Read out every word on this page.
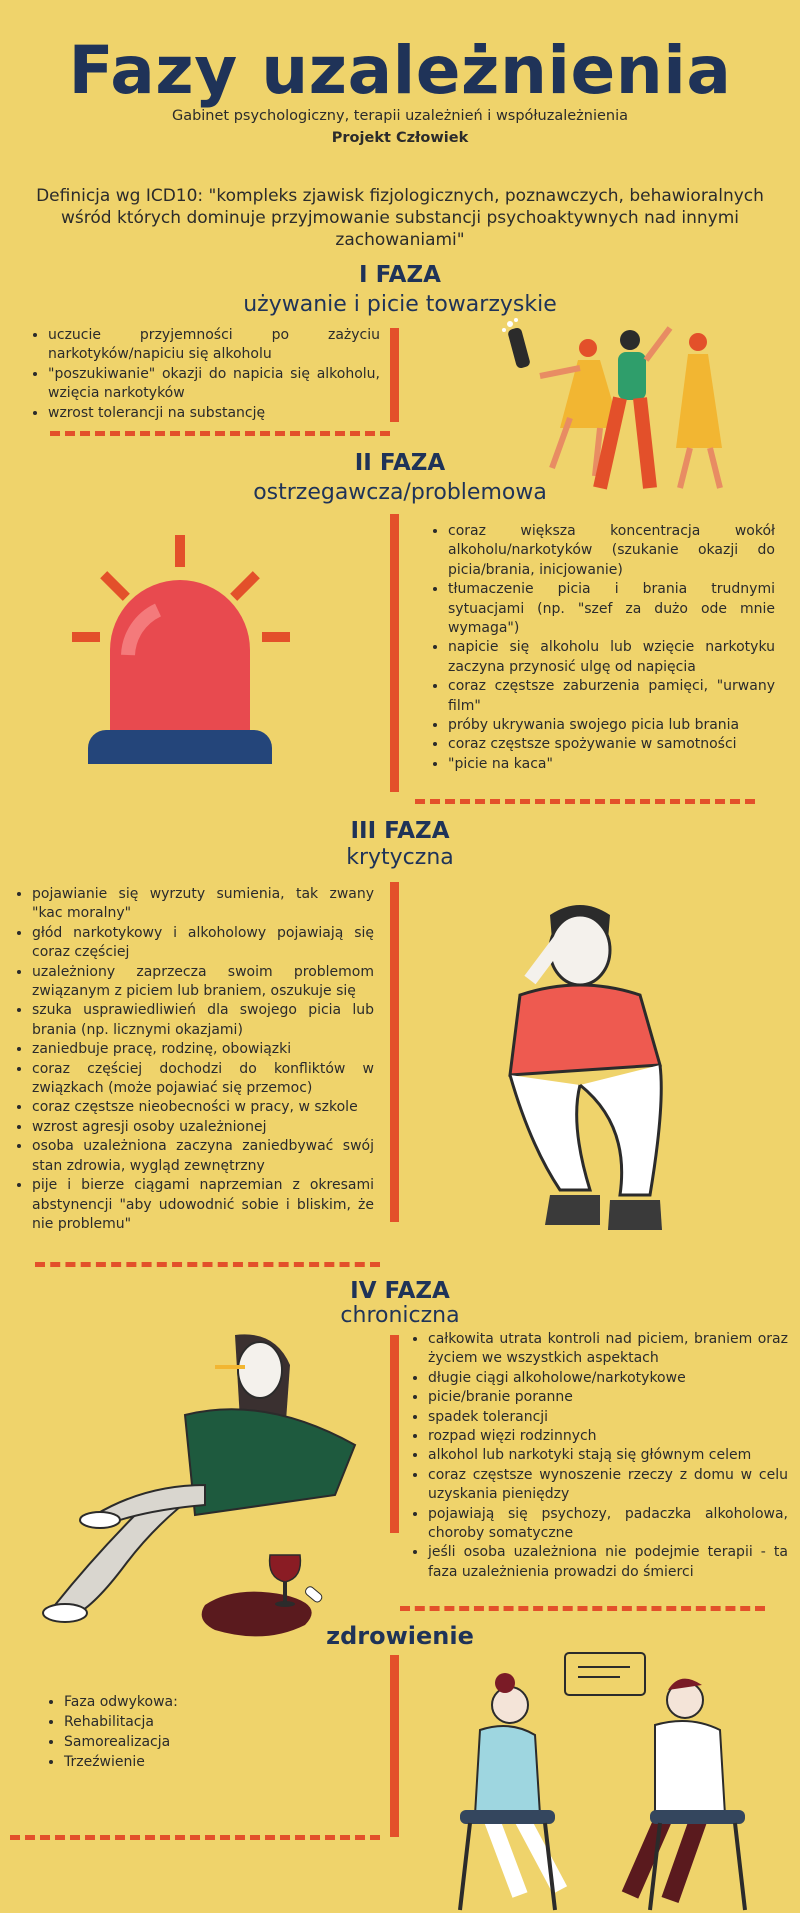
Fazy uzależnienia
Gabinet psychologiczny, terapii uzależnień i współuzależnienia
Projekt Człowiek
Definicja wg ICD10: "kompleks zjawisk fizjologicznych, poznawczych, behawioralnych wśród których dominuje przyjmowanie substancji psychoaktywnych nad innymi zachowaniami"
I FAZA
używanie i picie towarzyskie
• uczucie przyjemności po zażyciu narkotyków/napiciu się alkoholu
• "poszukiwanie" okazji do napicia się alkoholu, wzięcia narkotyków
• wzrost tolerancji na substancję
II FAZA
ostrzegawcza/problemowa
• coraz większa koncentracja wokół alkoholu/narkotyków (szukanie okazji do picia/brania, inicjowanie)
• tłumaczenie picia i brania trudnymi sytuacjami (np. "szef za dużo ode mnie wymaga")
• napicie się alkoholu lub wzięcie narkotyku zaczyna przynosić ulgę od napięcia
• coraz częstsze zaburzenia pamięci, "urwany film"
• próby ukrywania swojego picia lub brania
• coraz częstsze spożywanie w samotności
• "picie na kaca"
III FAZA
krytyczna
• pojawianie się wyrzuty sumienia, tak zwany "kac moralny"
• głód narkotykowy i alkoholowy pojawiają się coraz częściej
• uzależniony zaprzecza swoim problemom związanym z piciem lub braniem, oszukuje się
• szuka usprawiedliwień dla swojego picia lub brania (np. licznymi okazjami)
• zaniedbuje pracę, rodzinę, obowiązki
• coraz częściej dochodzi do konfliktów w związkach (może pojawiać się przemoc)
• coraz częstsze nieobecności w pracy, w szkole
• wzrost agresji osoby uzależnionej
• osoba uzależniona zaczyna zaniedbywać swój stan zdrowia, wygląd zewnętrzny
• pije i bierze ciągami naprzemian z okresami abstynencji "aby udowodnić sobie i bliskim, że nie problemu"
IV FAZA
chroniczna
• całkowita utrata kontroli nad piciem, braniem oraz życiem we wszystkich aspektach
• długie ciągi alkoholowe/narkotykowe
• picie/branie poranne
• spadek tolerancji
• rozpad więzi rodzinnych
• alkohol lub narkotyki stają się głównym celem
• coraz częstsze wynoszenie rzeczy z domu w celu uzyskania pieniędzy
• pojawiają się psychozy, padaczka alkoholowa, choroby somatyczne
• jeśli osoba uzależniona nie podejmie terapii - ta faza uzależnienia prowadzi do śmierci
zdrowienie
• Faza odwykowa:
• Rehabilitacja
• Samorealizacja
• Trzeźwienie
